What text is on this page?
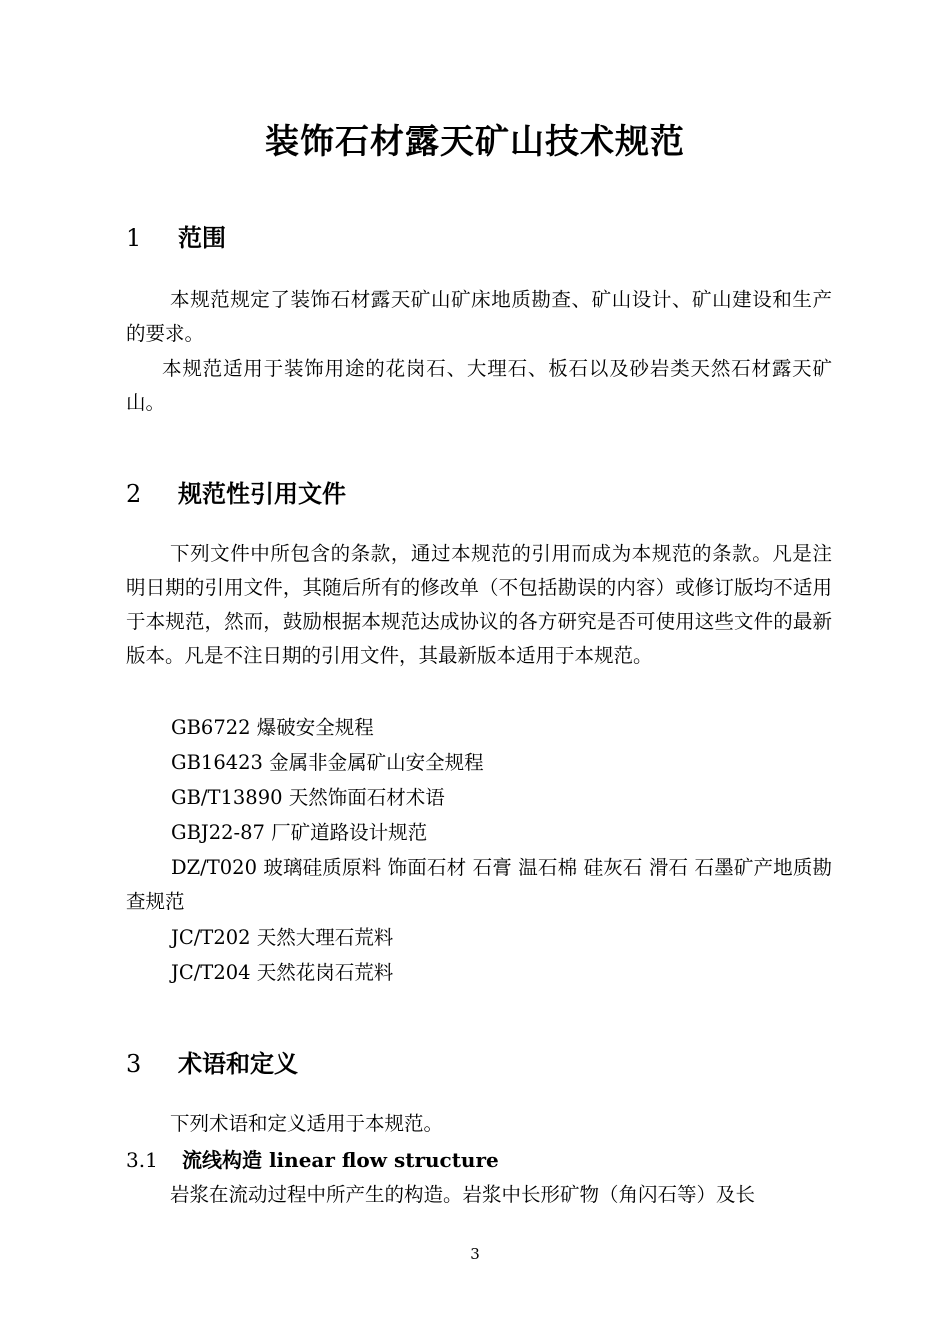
装饰石材露天矿山技术规范
1 范围
本规范规定了装饰石材露天矿山矿床地质勘查、矿山设计、矿山建设和生产的要求。
本规范适用于装饰用途的花岗石、大理石、板石以及砂岩类天然石材露天矿山。
2 规范性引用文件
下列文件中所包含的条款，通过本规范的引用而成为本规范的条款。凡是注明日期的引用文件，其随后所有的修改单（不包括勘误的内容）或修订版均不适用于本规范，然而，鼓励根据本规范达成协议的各方研究是否可使用这些文件的最新版本。凡是不注日期的引用文件，其最新版本适用于本规范。
GB6722 爆破安全规程
GB16423 金属非金属矿山安全规程
GB/T13890 天然饰面石材术语
GBJ22-87 厂矿道路设计规范
DZ/T020 玻璃硅质原料 饰面石材 石膏 温石棉 硅灰石 滑石 石墨矿产地质勘查规范
JC/T202 天然大理石荒料
JC/T204 天然花岗石荒料
3 术语和定义
下列术语和定义适用于本规范。
3.1 流线构造 linear flow structure
岩浆在流动过程中所产生的构造。岩浆中长形矿物（角闪石等）及长
3
